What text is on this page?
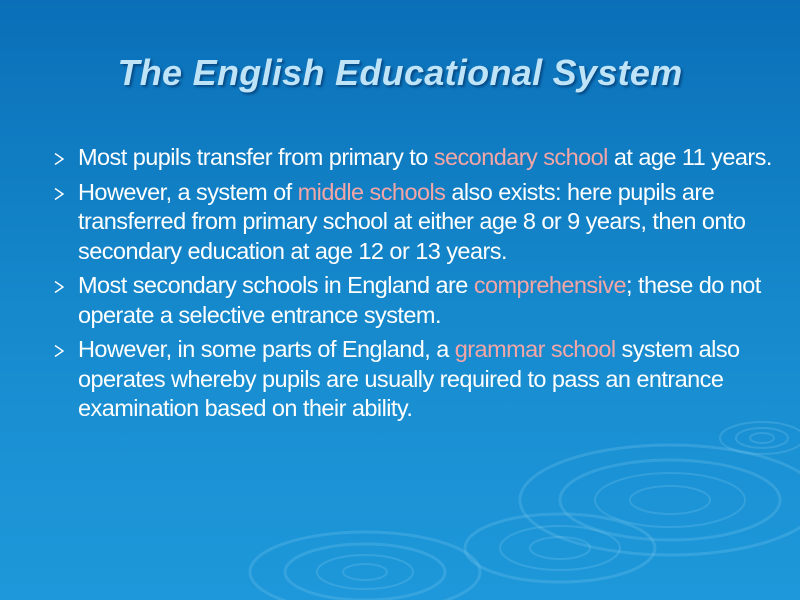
The English Educational System
Most pupils transfer from primary to secondary school at age 11 years.
However, a system of middle schools also exists: here pupils are transferred from primary school at either age 8 or 9 years, then onto secondary education at age 12 or 13 years.
Most secondary schools in England are comprehensive; these do not operate a selective entrance system.
However, in some parts of England, a grammar school system also operates whereby pupils are usually required to pass an entrance examination based on their ability.
